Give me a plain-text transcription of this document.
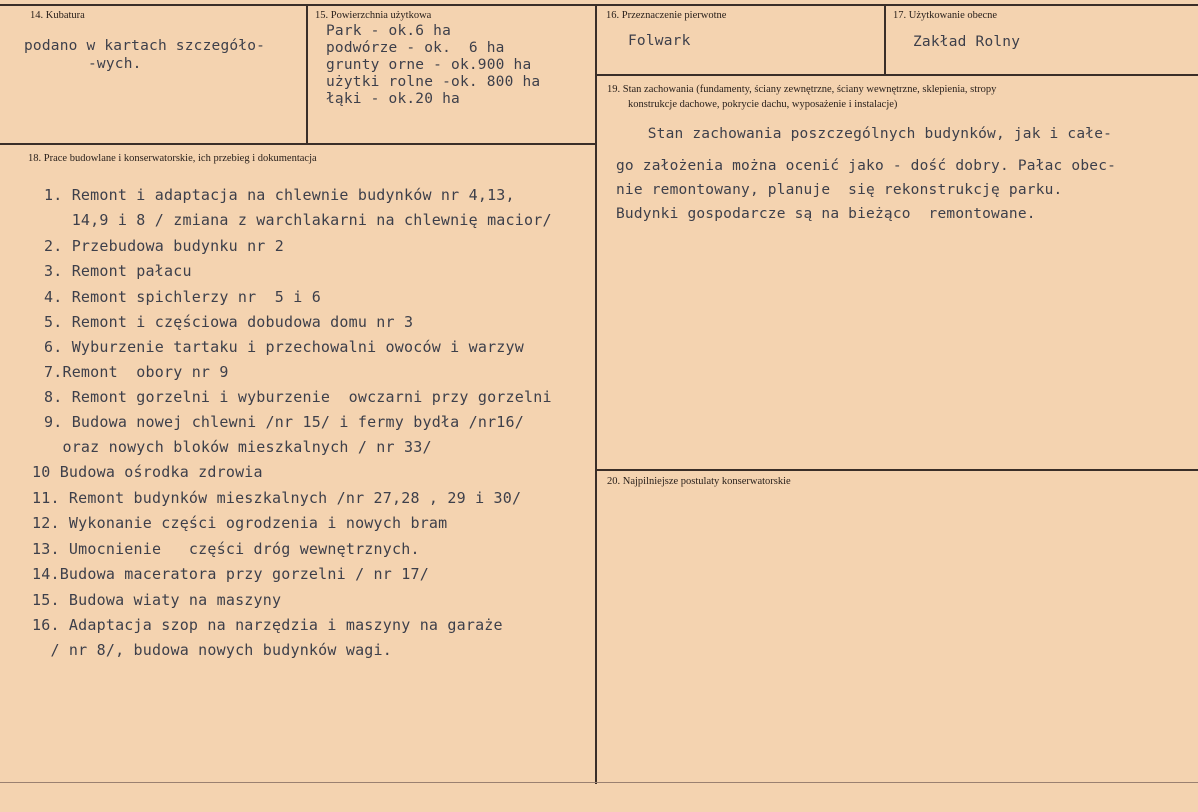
14. Kubatura
podano w kartach szczegóło-
-wych.
15. Powierzchnia użytkowa
Park - ok.6 ha
podwórze - ok.  6 ha
grunty orne - ok.900 ha
użytki rolne -ok. 800 ha
łąki - ok.20 ha
16. Przeznaczenie pierwotne
Folwark
17. Użytkowanie obecne
Zakład Rolny
18. Prace budowlane i konserwatorskie, ich przebieg i dokumentacja
1. Remont i adaptacja na chlewnie budynków nr 4,13,
14,9 i 8 / zmiana z warchlakarni na chlewnię macior/
2. Przebudowa budynku nr 2
3. Remont pałacu
4. Remont spichlerzy nr  5 i 6
5. Remont i częściowa dobudowa domu nr 3
6. Wyburzenie tartaku i przechowalni owoców i warzyw
7.Remont  obory nr 9
8. Remont gorzelni i wyburzenie  owczarni przy gorzelni
9. Budowa nowej chlewni /nr 15/ i fermy bydła /nr16/
oraz nowych bloków mieszkalnych / nr 33/
10 Budowa ośrodka zdrowia
11. Remont budynków mieszkalnych /nr 27,28 , 29 i 30/
12. Wykonanie części ogrodzenia i nowych bram
13. Umocnienie   części dróg wewnętrznych.
14.Budowa maceratora przy gorzelni / nr 17/
15. Budowa wiaty na maszyny
16. Adaptacja szop na narzędzia i maszyny na garaże
/ nr 8/, budowa nowych budynków wagi.
19. Stan zachowania (fundamenty, ściany zewnętrzne, ściany wewnętrzne, sklepienia, stropy
konstrukcje dachowe, pokrycie dachu, wyposażenie i instalacje)
Stan zachowania poszczególnych budynków, jak i całe-
go założenia można ocenić jako - dość dobry. Pałac obec-
nie remontowany, planuje  się rekonstrukcję parku.
Budynki gospodarcze są na bieżąco  remontowane.
20. Najpilniejsze postulaty konserwatorskie
